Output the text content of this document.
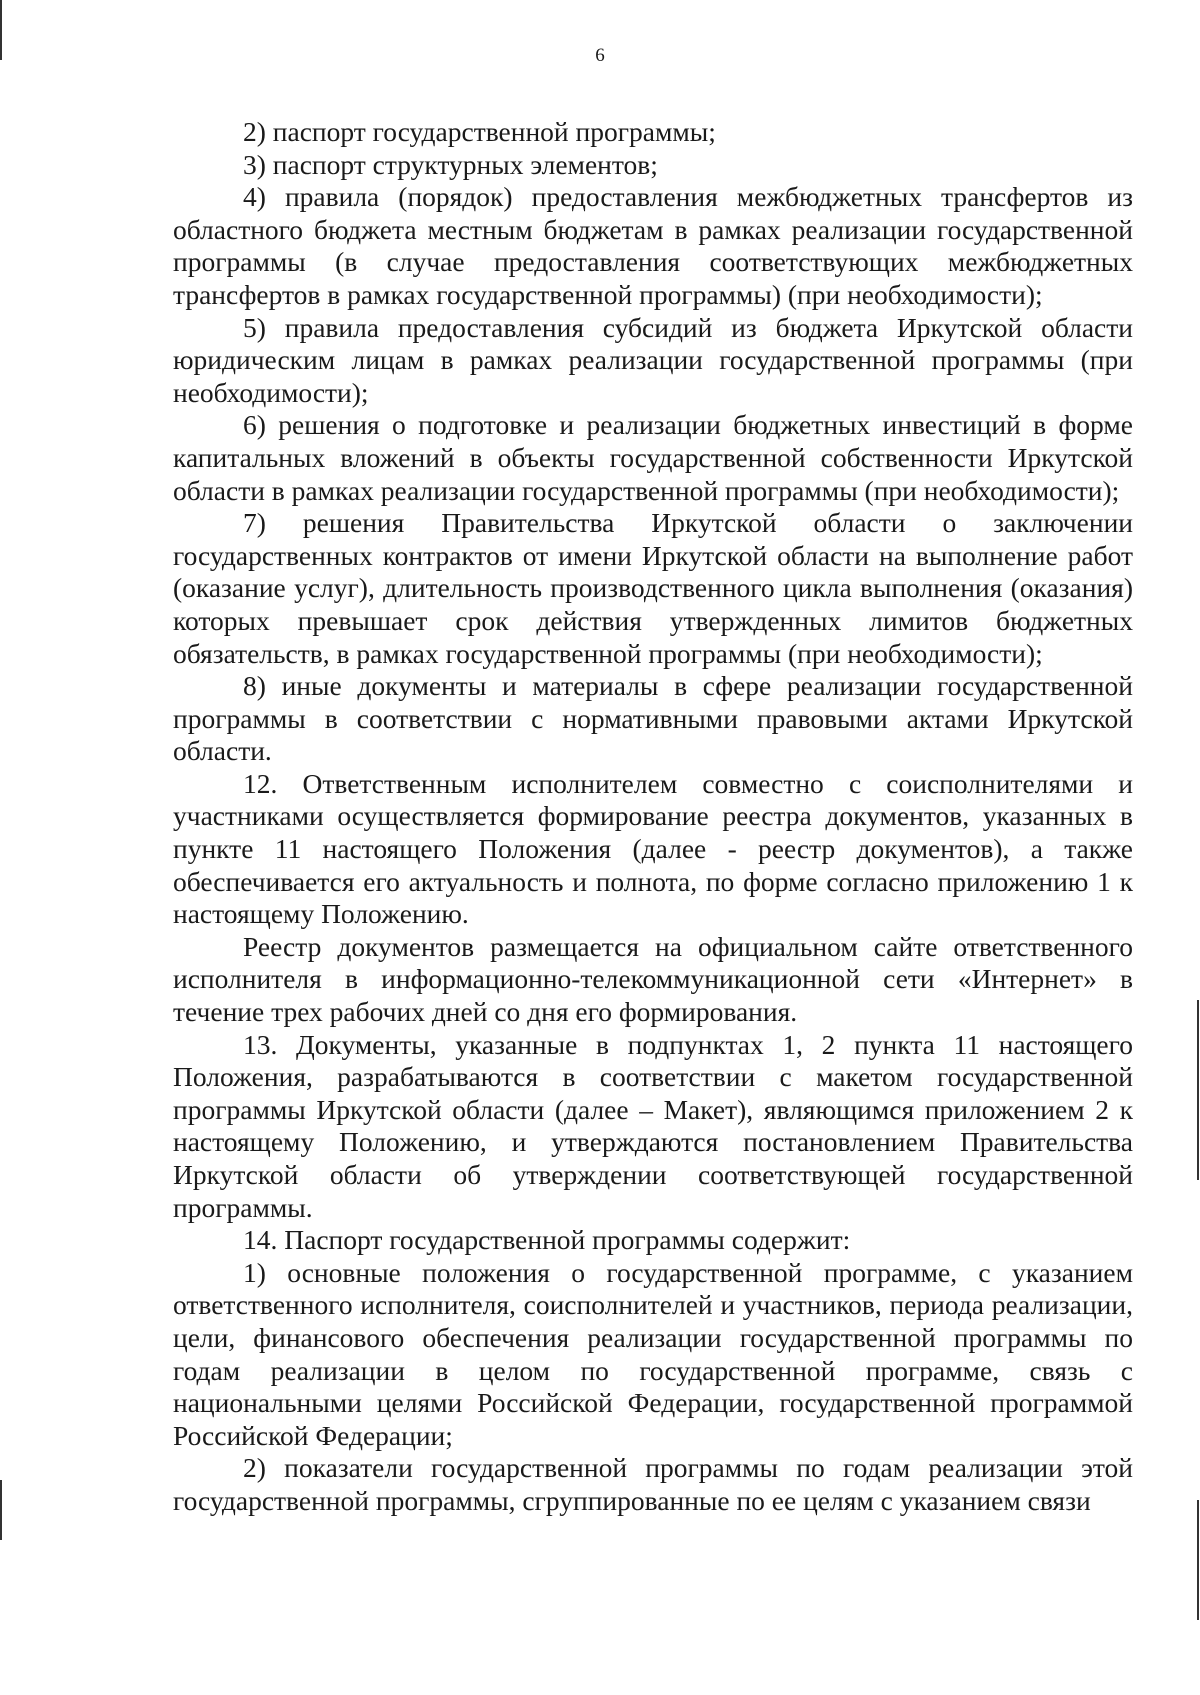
6

2) паспорт государственной программы;

3) паспорт структурных элементов;

4) правила (порядок) предоставления межбюджетных трансфертов из областного бюджета местным бюджетам в рамках реализации государственной программы (в случае предоставления соответствующих межбюджетных трансфертов в рамках государственной программы) (при необходимости);

5) правила предоставления субсидий из бюджета Иркутской области юридическим лицам в рамках реализации государственной программы (при необходимости);

6) решения о подготовке и реализации бюджетных инвестиций в форме капитальных вложений в объекты государственной собственности Иркутской области в рамках реализации государственной программы (при необходимости);

7) решения Правительства Иркутской области о заключении государственных контрактов от имени Иркутской области на выполнение работ (оказание услуг), длительность производственного цикла выполнения (оказания) которых превышает срок действия утвержденных лимитов бюджетных обязательств, в рамках государственной программы (при необходимости);

8) иные документы и материалы в сфере реализации государственной программы в соответствии с нормативными правовыми актами Иркутской области.

12. Ответственным исполнителем совместно с соисполнителями и участниками осуществляется формирование реестра документов, указанных в пункте 11 настоящего Положения (далее - реестр документов), а также обеспечивается его актуальность и полнота, по форме согласно приложению 1 к настоящему Положению.

Реестр документов размещается на официальном сайте ответственного исполнителя в информационно-телекоммуникационной сети «Интернет» в течение трех рабочих дней со дня его формирования.

13. Документы, указанные в подпунктах 1, 2 пункта 11 настоящего Положения, разрабатываются в соответствии с макетом государственной программы Иркутской области (далее – Макет), являющимся приложением 2 к настоящему Положению, и утверждаются постановлением Правительства Иркутской области об утверждении соответствующей государственной программы.

14. Паспорт государственной программы содержит:

1) основные положения о государственной программе, с указанием ответственного исполнителя, соисполнителей и участников, периода реализации, цели, финансового обеспечения реализации государственной программы по годам реализации в целом по государственной программе, связь с национальными целями Российской Федерации, государственной программой Российской Федерации;

2) показатели государственной программы по годам реализации этой государственной программы, сгруппированные по ее целям с указанием связи
